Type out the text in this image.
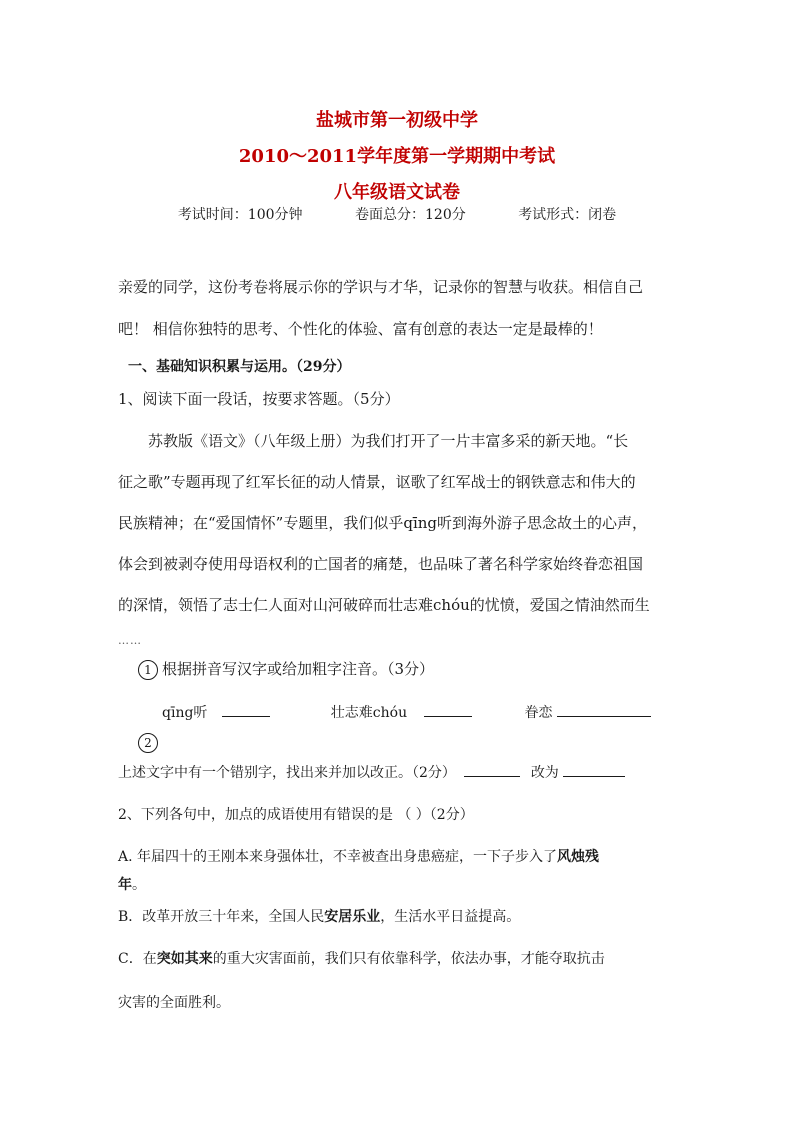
盐城市第一初级中学
2010～2011学年度第一学期期中考试
八年级语文试卷
考试时间：100分钟	卷面总分：120分	考试形式：闭卷
亲爱的同学，这份考卷将展示你的学识与才华，记录你的智慧与收获。相信自己
吧！ 相信你独特的思考、个性化的体验、富有创意的表达一定是最棒的！
一、基础知识积累与运用。（29分）
1、阅读下面一段话，按要求答题。（5分）
苏教版《语文》（八年级上册）为我们打开了一片丰富多采的新天地。“长
征之歌”专题再现了红军长征的动人情景，讴歌了红军战士的钢铁意志和伟大的
民族精神；在“爱国情怀”专题里，我们似乎qīng听到海外游子思念故土的心声，
体会到被剥夺使用母语权利的亡国者的痛楚，也品味了著名科学家始终眷恋祖国
的深情，领悟了志士仁人面对山河破碎而壮志难chóu的忧愤，爱国之情油然而生
……
1 根据拼音写汉字或给加粗字注音。（3分）
qīng听	壮志难chóu	眷恋
2
上述文字中有一个错别字，找出来并加以改正。（2分）	改为
2、下列各句中，加点的成语使用有错误的是 （ ）（2分）
A. 年届四十的王刚本来身强体壮，不幸被查出身患癌症，一下子步入了风烛残
年。
B．改革开放三十年来，全国人民安居乐业，生活水平日益提高。
C．在突如其来的重大灾害面前，我们只有依靠科学，依法办事，才能夺取抗击
灾害的全面胜利。
